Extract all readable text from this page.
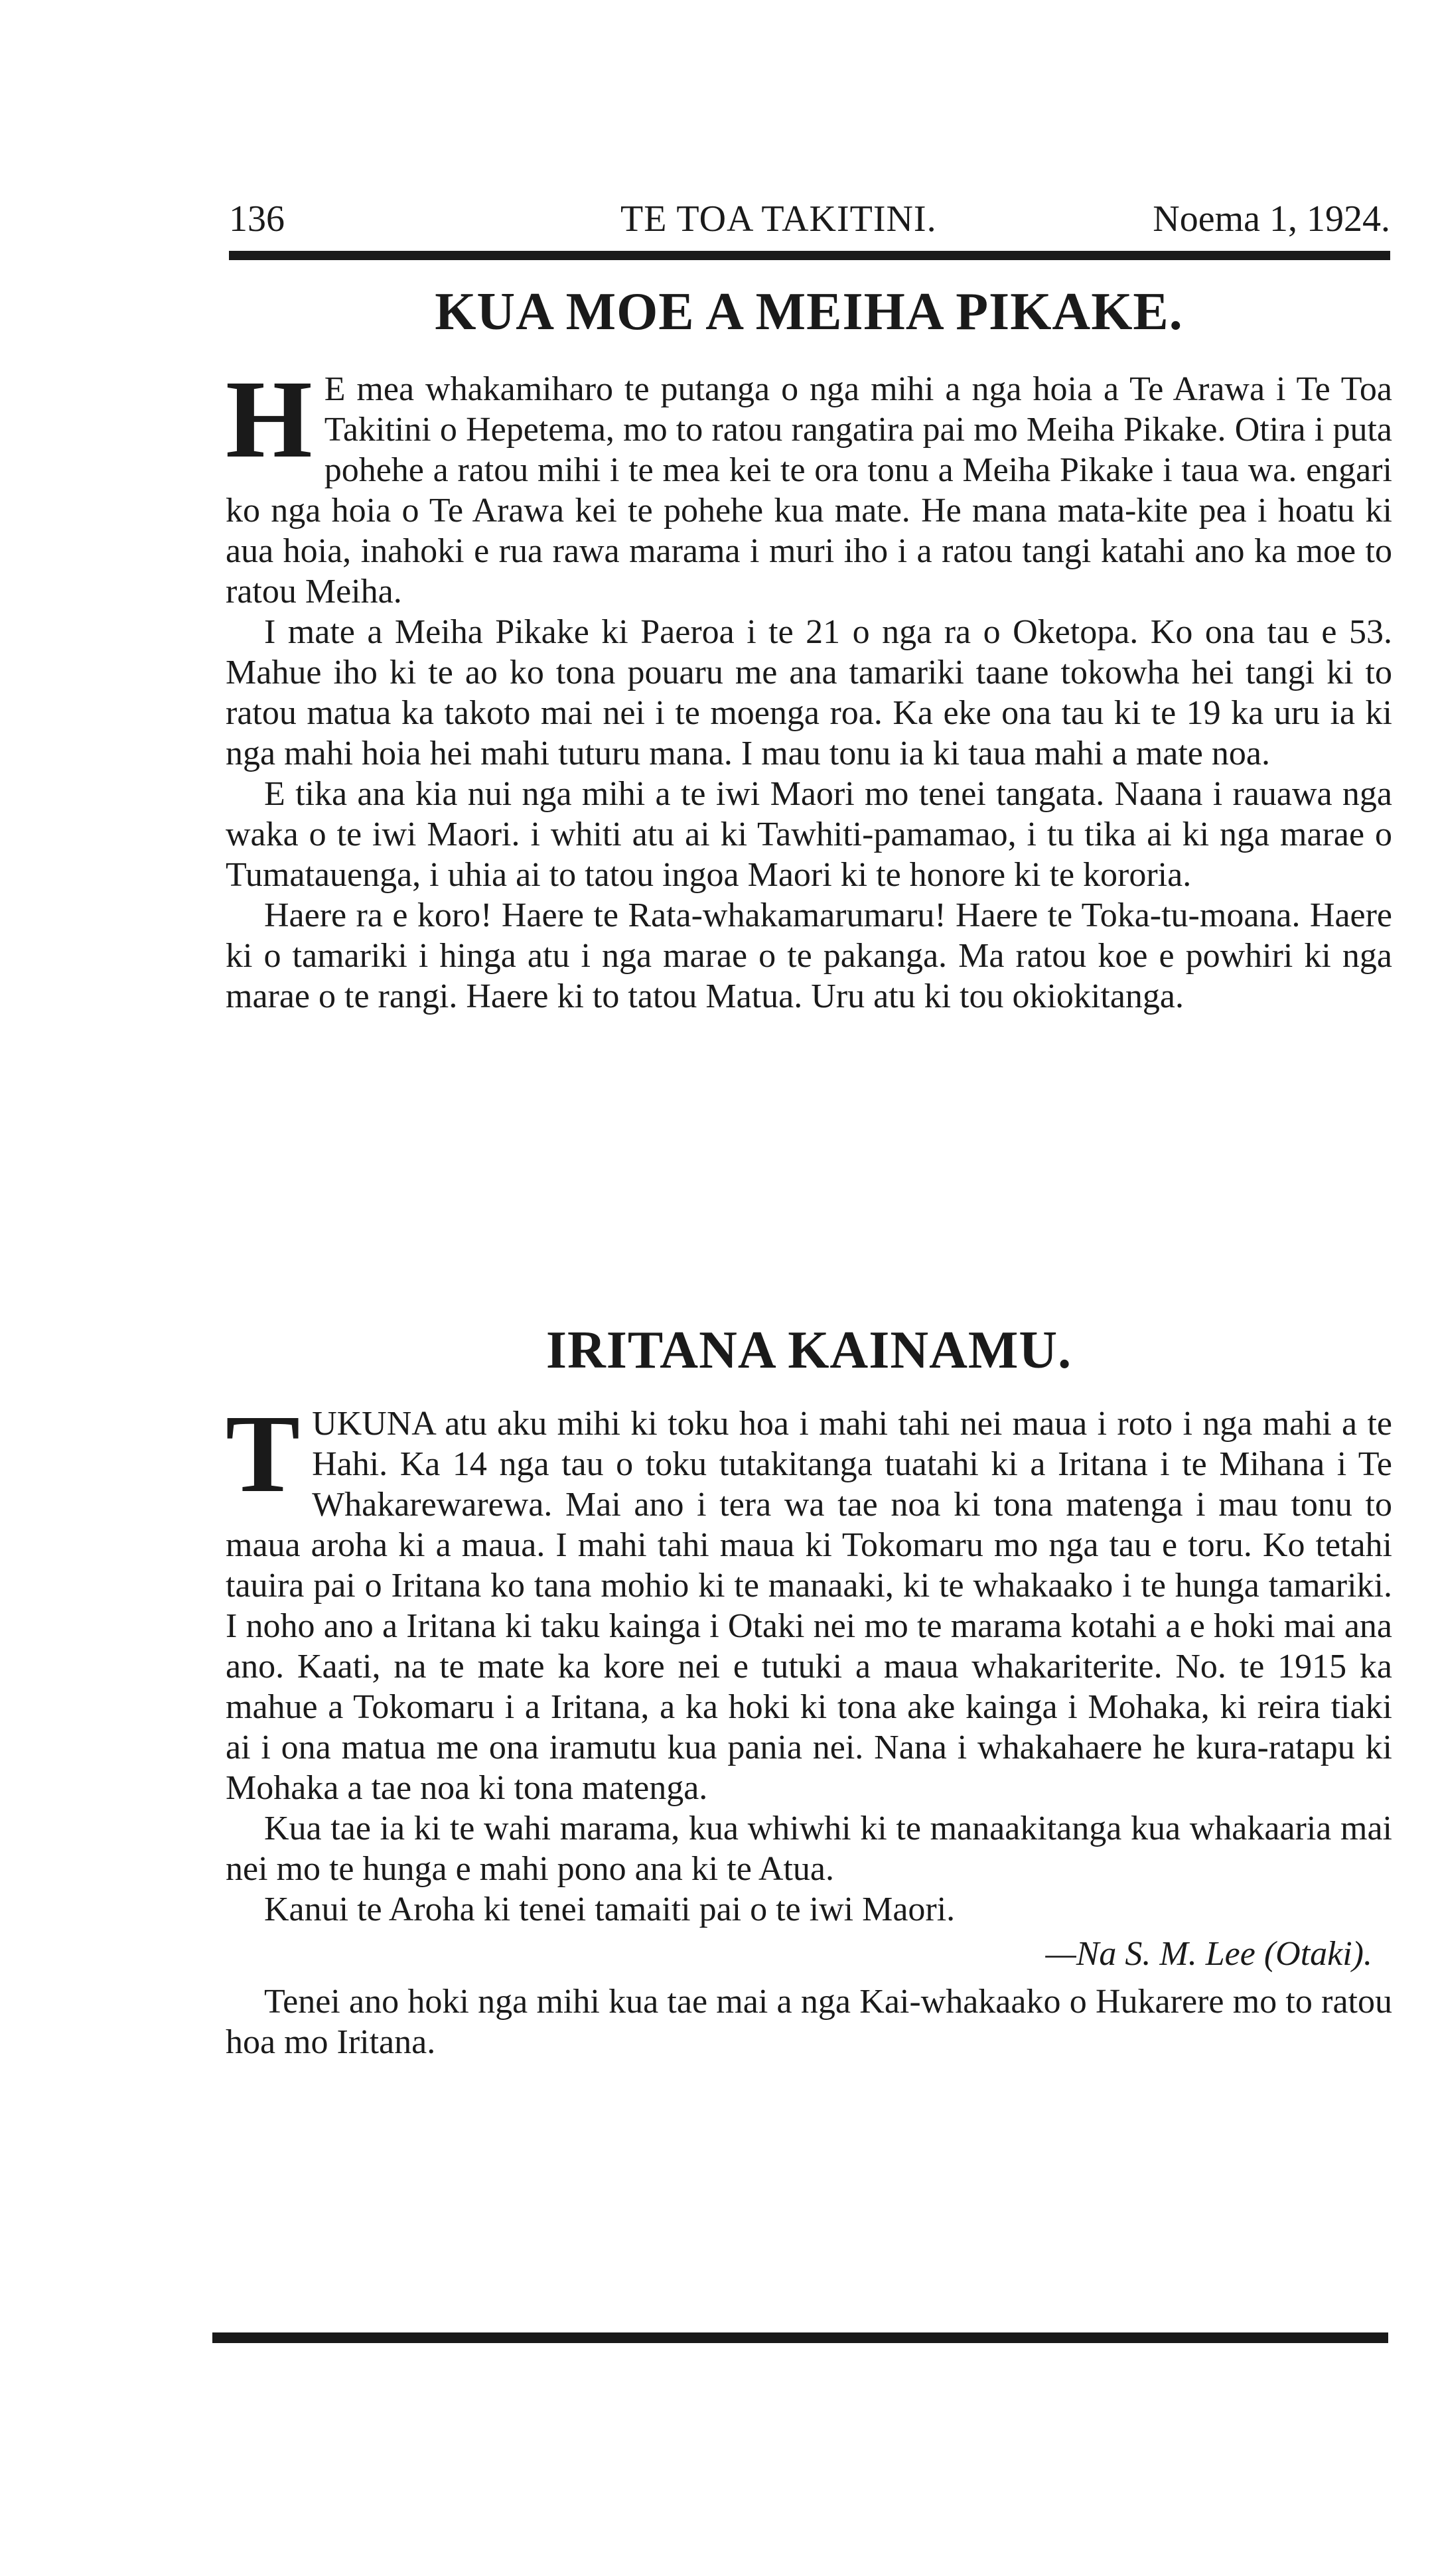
136	TE TOA TAKITINI.	Noema 1, 1924.
KUA MOE A MEIHA PIKAKE.

H E mea whakamiharo te putanga o nga mihi a nga hoia a Te Arawa i Te Toa Takitini o Hepetema, mo to ratou rangatira pai mo Meiha Pikake. Otira i puta pohehe a ratou mihi i te mea kei te ora tonu a Meiha Pikake i taua wa. engari ko nga hoia o Te Arawa kei te pohehe kua mate. He mana mata-kite pea i hoatu ki aua hoia, inahoki e rua rawa marama i muri iho i a ratou tangi katahi ano ka moe to ratou Meiha.

I mate a Meiha Pikake ki Paeroa i te 21 o nga ra o Oketopa. Ko ona tau e 53. Mahue iho ki te ao ko tona pouaru me ana tamariki taane tokowha hei tangi ki to ratou matua ka takoto mai nei i te moenga roa. Ka eke ona tau ki te 19 ka uru ia ki nga mahi hoia hei mahi tuturu mana. I mau tonu ia ki taua mahi a mate noa.

E tika ana kia nui nga mihi a te iwi Maori mo tenei tangata. Naana i rauawa nga waka o te iwi Maori. i whiti atu ai ki Tawhiti-pamamao, i tu tika ai ki nga marae o Tumatauenga, i uhia ai to tatou ingoa Maori ki te honore ki te kororia.

Haere ra e koro! Haere te Rata-whakamarumaru! Haere te Toka-tu-moana. Haere ki o tamariki i hinga atu i nga marae o te pakanga. Ma ratou koe e powhiri ki nga marae o te rangi. Haere ki to tatou Matua. Uru atu ki tou okiokitanga.

IRITANA KAINAMU.

TUKUNA atu aku mihi ki toku hoa i mahi tahi nei maua i roto i nga mahi a te Hahi. Ka 14 nga tau o toku tutakitanga tuatahi ki a Iritana i te Mihana i Te Whakarewarewa. Mai ano i tera wa tae noa ki tona matenga i mau tonu to maua aroha ki a maua. I mahi tahi maua ki Tokomaru mo nga tau e toru. Ko tetahi tauira pai o Iritana ko tana mohio ki te manaaki, ki te whakaako i te hunga tamariki. I noho ano a Iritana ki taku kainga i Otaki nei mo te marama kotahi a e hoki mai ana ano. Kaati, na te mate ka kore nei e tutuki a maua whakariterite. No. te 1915 ka mahue a Tokomaru i a Iritana, a ka hoki ki tona ake kainga i Mohaka, ki reira tiaki ai i ona matua me ona iramutu kua pania nei. Nana i whakahaere he kura-ratapu ki Mohaka a tae noa ki tona matenga.

Kua tae ia ki te wahi marama, kua whiwhi ki te manaakitanga kua whakaaria mai nei mo te hunga e mahi pono ana ki te Atua.

Kanui te Aroha ki tenei tamaiti pai o te iwi Maori.

—Na S. M. Lee (Otaki).

Tenei ano hoki nga mihi kua tae mai a nga Kai-whakaako o Hukarere mo to ratou hoa mo Iritana.
